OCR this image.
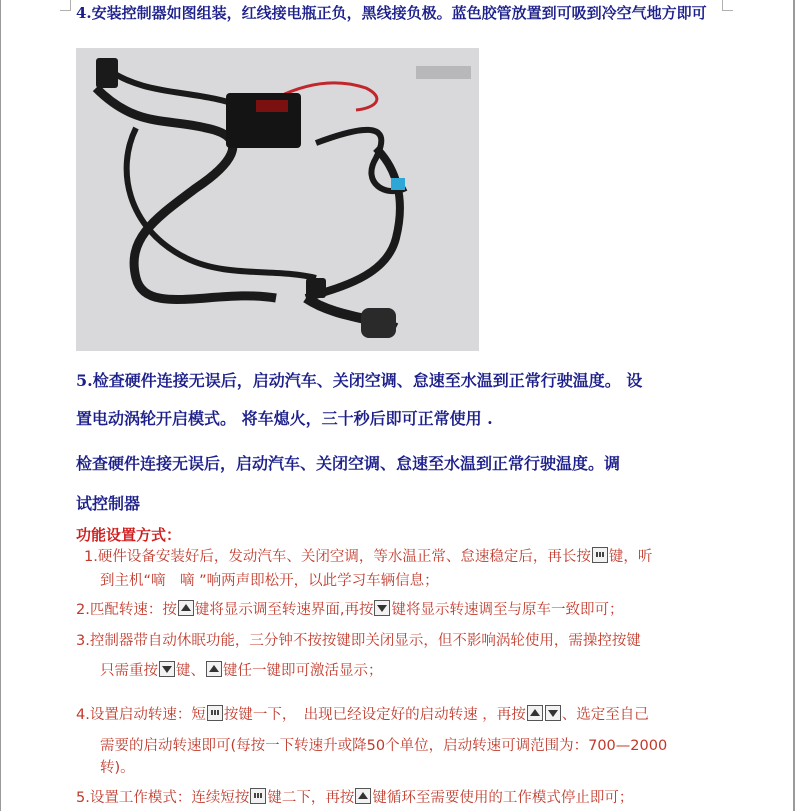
4.安装控制器如图组装，红线接电瓶正负，黑线接负极。蓝色胶管放置到可吸到冷空气地方即可
5.检查硬件连接无误后，启动汽车、关闭空调、怠速至水温到正常行驶温度。 设
置电动涡轮开启模式。 将车熄火，三十秒后即可正常使用 .
检查硬件连接无误后，启动汽车、关闭空调、怠速至水温到正常行驶温度。调
试控制器
功能设置方式：
1.硬件设备安装好后，发动汽车、关闭空调，等水温正常、怠速稳定后，再长按 键，听
到主机“嘀　嘀 ”响两声即松开，以此学习车辆信息；
2.匹配转速：按 键将显示调至转速界面,再按 键将显示转速调至与原车一致即可；
3.控制器带自动休眠功能，三分钟不按按键即关闭显示，但不影响涡轮使用，需操控按键
只需重按 键、 键任一键即可激活显示；
4.设置启动转速：短 按键一下，　出现已经设定好的启动转速 ，再按 、选定至自己
需要的启动转速即可(每按一下转速升或降50个单位，启动转速可调范围为：700—2000
转)。
5.设置工作模式：连续短按 键二下，再按 键循环至需要使用的工作模式停止即可；
